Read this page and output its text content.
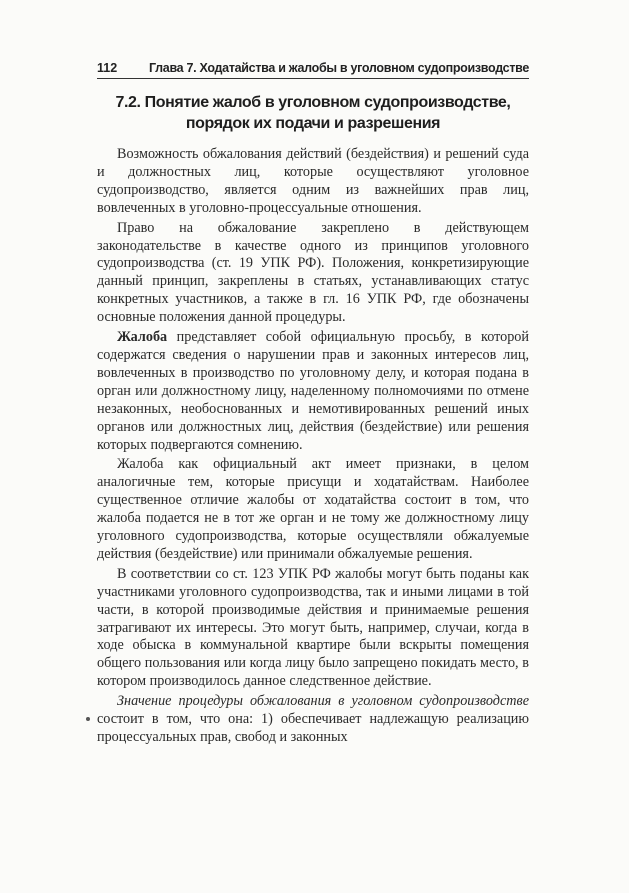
112	Глава 7. Ходатайства и жалобы в уголовном судопроизводстве
7.2. Понятие жалоб в уголовном судопроизводстве,
порядок их подачи и разрешения

Возможность обжалования действий (бездействия) и решений суда и должностных лиц, которые осуществляют уголовное судопроизводство, является одним из важнейших прав лиц, вовлеченных в уголовно-процессуальные отношения.

Право на обжалование закреплено в действующем законодательстве в качестве одного из принципов уголовного судопроизводства (ст. 19 УПК РФ). Положения, конкретизирующие данный принцип, закреплены в статьях, устанавливающих статус конкретных участников, а также в гл. 16 УПК РФ, где обозначены основные положения данной процедуры.

Жалоба представляет собой официальную просьбу, в которой содержатся сведения о нарушении прав и законных интересов лиц, вовлеченных в производство по уголовному делу, и которая подана в орган или должностному лицу, наделенному полномочиями по отмене незаконных, необоснованных и немотивированных решений иных органов или должностных лиц, действия (бездействие) или решения которых подвергаются сомнению.

Жалоба как официальный акт имеет признаки, в целом аналогичные тем, которые присущи и ходатайствам. Наиболее существенное отличие жалобы от ходатайства состоит в том, что жалоба подается не в тот же орган и не тому же должностному лицу уголовного судопроизводства, которые осуществляли обжалуемые действия (бездействие) или принимали обжалуемые решения.

В соответствии со ст. 123 УПК РФ жалобы могут быть поданы как участниками уголовного судопроизводства, так и иными лицами в той части, в которой производимые действия и принимаемые решения затрагивают их интересы. Это могут быть, например, случаи, когда в ходе обыска в коммунальной квартире были вскрыты помещения общего пользования или когда лицу было запрещено покидать место, в котором производилось данное следственное действие.

Значение процедуры обжалования в уголовном судопроизводстве состоит в том, что она: 1) обеспечивает надлежащую реализацию процессуальных прав, свобод и законных
